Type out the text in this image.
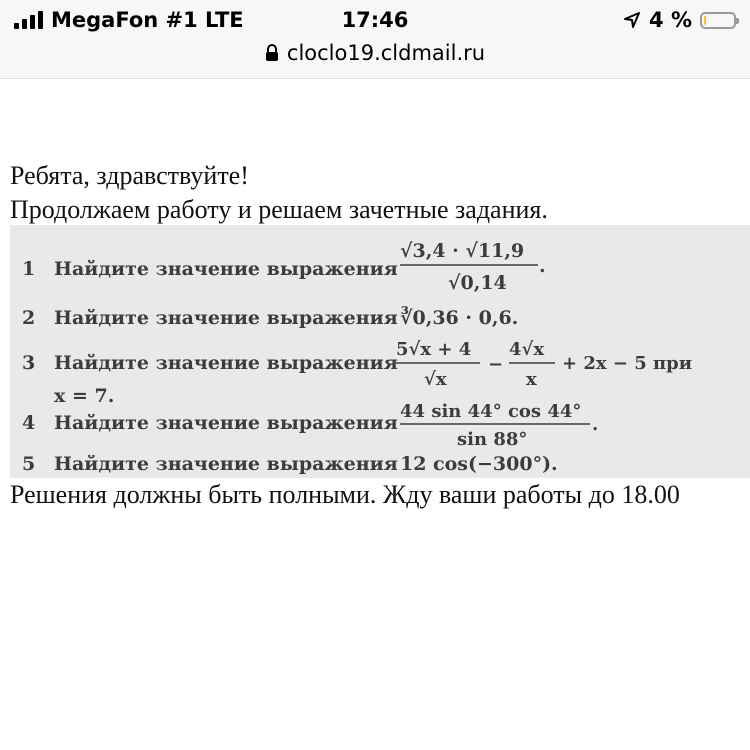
MegaFon #1 LTE	17:46	4 %
cloclo19.cldmail.ru
Ребята, здравствуйте!
Продолжаем работу и решаем зачетные задания.
1 Найдите значение выражения
√3,4 · √11,9
√0,14
.
2 Найдите значение выражения ∛0,36 · 0,6.
3 Найдите значение выражения
5√x + 4
√x
−
4√x
x
+ 2x − 5 при
x = 7.
4 Найдите значение выражения
44 sin 44° cos 44°
sin 88°
.
5 Найдите значение выражения 12 cos(−300°).
Решения должны быть полными. Жду ваши работы до 18.00
